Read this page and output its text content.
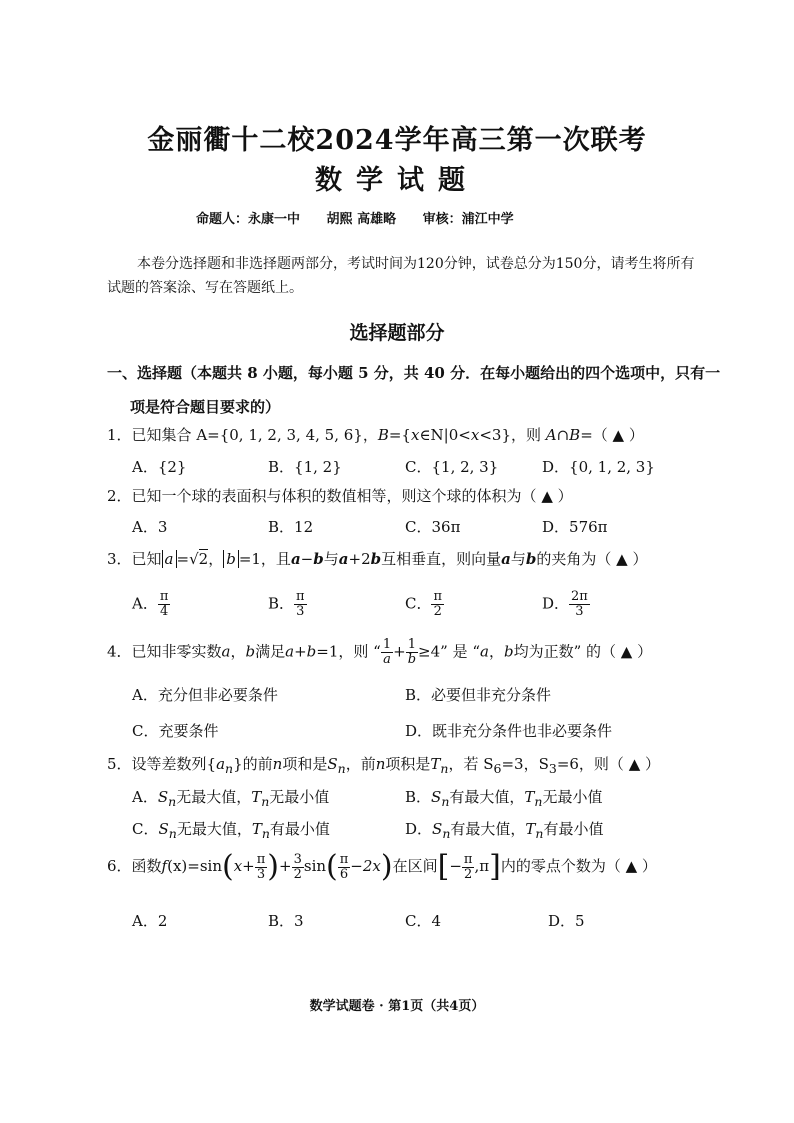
金丽衢十二校2024学年高三第一次联考
数学试题
命题人：永康一中 胡熙 高雄略 审核：浦江中学
本卷分选择题和非选择题两部分，考试时间为120分钟，试卷总分为150分，请考生将所有试题的答案涂、写在答题纸上。
选择题部分
一、选择题（本题共 8 小题，每小题 5 分，共 40 分．在每小题给出的四个选项中，只有一
项是符合题目要求的）
1．已知集合 A={0, 1, 2, 3, 4, 5, 6}，B={x∈N|0<x<3}，则 A∩B=（ ▲ ）
A．{2}	B．{1, 2}	C．{1, 2, 3}	D．{0, 1, 2, 3}
2．已知一个球的表面积与体积的数值相等，则这个球的体积为（ ▲ ）
A．3	B．12	C．36π	D．576π
3．已知 a =√2， b =1，且a−b与a+2b互相垂直，则向量a与b的夹角为（ ▲ ）
A． $\frac{\pi}{4}$	B． $\frac{\pi}{3}$	C． $\frac{\pi}{2}$	D． $\frac{2\pi}{3}$
4．已知非零实数a，b满足a+b=1，则 “ $\frac{1}{a} + \frac{1}{b} \ge 4$” 是 “a，b均为正数” 的（ ▲ ）
A．充分但非必要条件	B．必要但非充分条件
C．充要条件	D．既非充分条件也非必要条件
5．设等差数列$\{a_n\}$的前n项和是$S_n$，前n项积是$T_n$，若 $S_6=3$，$S_3=6$，则（ ▲ ）
A．$S_n$无最大值，$T_n$无最小值	B．$S_n$有最大值，$T_n$无最小值
C．$S_n$无最大值，$T_n$有最小值	D．$S_n$有最大值，$T_n$有最小值
6．函数$f(x)=\sin(x+ \frac{\pi}{3}$ )+ $\frac{3}{2} \sin( \frac{\pi}{6} -2x)$在区间[− $\frac{\pi}{2} ,\pi$]内的零点个数为（ ▲ ）
A．2	B．3	C．4	D．5
数学试题卷 · 第1页（共4页）
